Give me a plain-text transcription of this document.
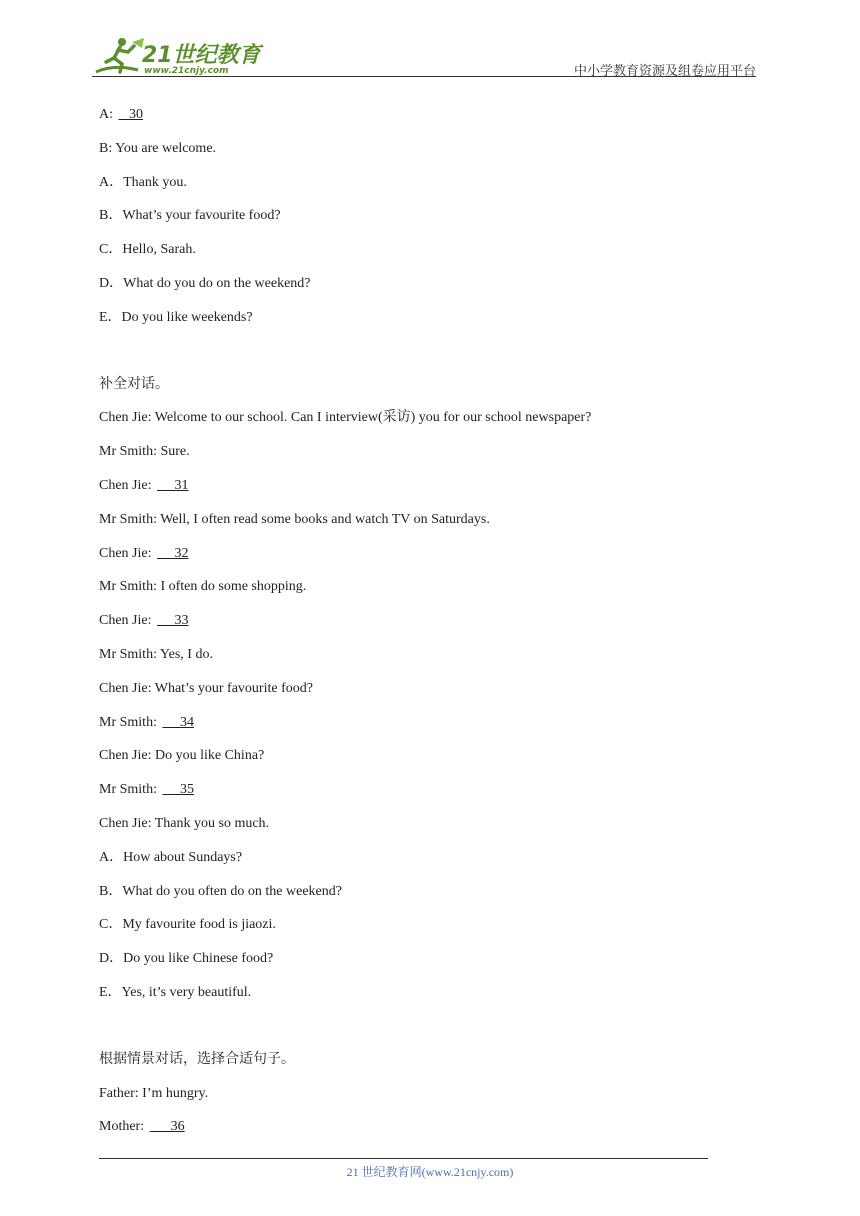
21世纪教育
www.21cnjy.com	中小学教育资源及组卷应用平台
A:    30
B: You are welcome.
A．Thank you.
B．What’s your favourite food?
C．Hello, Sarah.
D．What do you do on the weekend?
E．Do you like weekends?
补全对话。
Chen Jie: Welcome to our school. Can I interview(采访) you for our school newspaper?
Mr Smith: Sure.
Chen Jie:      31
Mr Smith: Well, I often read some books and watch TV on Saturdays.
Chen Jie:      32
Mr Smith: I often do some shopping.
Chen Jie:      33
Mr Smith: Yes, I do.
Chen Jie: What’s your favourite food?
Mr Smith:      34
Chen Jie: Do you like China?
Mr Smith:      35
Chen Jie: Thank you so much.
A．How about Sundays?
B．What do you often do on the weekend?
C．My favourite food is jiaozi.
D．Do you like Chinese food?
E．Yes, it’s very beautiful.
根据情景对话，选择合适句子。
Father: I’m hungry.
Mother:       36
21 世纪教育网(www.21cnjy.com)
